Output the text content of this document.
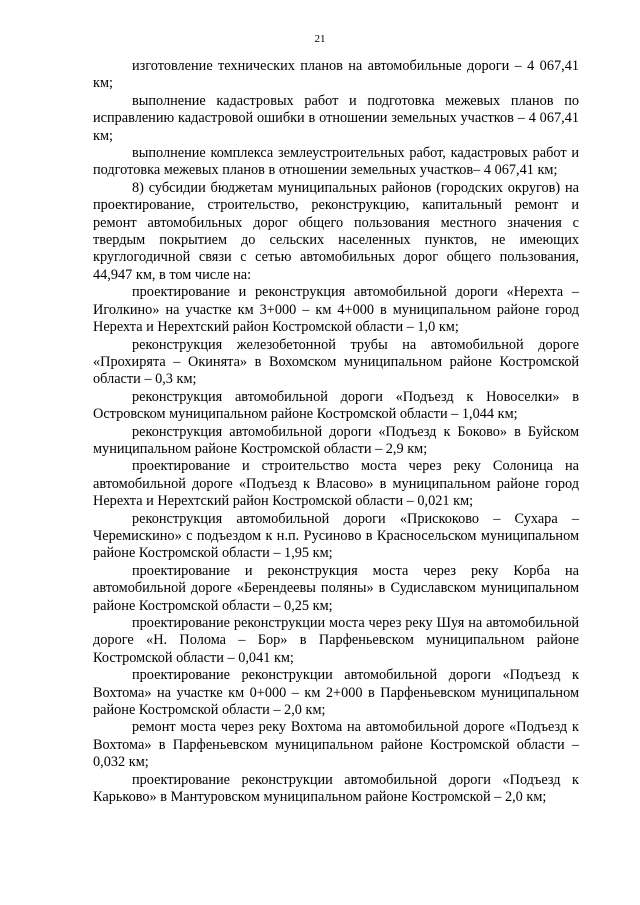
21

изготовление технических планов на автомобильные дороги – 4 067,41 км;

выполнение кадастровых работ и подготовка межевых планов по исправлению кадастровой ошибки в отношении земельных участков – 4 067,41 км;

выполнение комплекса землеустроительных работ, кадастровых работ и подготовка межевых планов в отношении земельных участков– 4 067,41 км;

8) субсидии бюджетам муниципальных районов (городских округов) на проектирование, строительство, реконструкцию, капитальный ремонт и ремонт автомобильных дорог общего пользования местного значения с твердым покрытием до сельских населенных пунктов, не имеющих круглогодичной связи с сетью автомобильных дорог общего пользования, 44,947 км, в том числе на:

проектирование и реконструкция автомобильной дороги «Нерехта – Иголкино» на участке км 3+000 – км 4+000 в муниципальном районе город Нерехта и Нерехтский район Костромской области – 1,0 км;

реконструкция железобетонной трубы на автомобильной дороге «Прохирята – Окинята» в Вохомском муниципальном районе Костромской области – 0,3 км;

реконструкция автомобильной дороги «Подъезд к Новоселки» в Островском муниципальном районе Костромской области – 1,044 км;

реконструкция автомобильной дороги «Подъезд к Боково» в Буйском муниципальном районе Костромской области – 2,9 км;

проектирование и строительство моста через реку Солоница на автомобильной дороге «Подъезд к Власово» в муниципальном районе город Нерехта и Нерехтский район Костромской области – 0,021 км;

реконструкция автомобильной дороги «Прискоково – Сухара – Черемискино» с подъездом к н.п. Русиново в Красносельском муниципальном районе Костромской области – 1,95 км;

проектирование и реконструкция моста через реку Корба на автомобильной дороге «Берендеевы поляны» в Судиславском муниципальном районе Костромской области – 0,25 км;

проектирование реконструкции моста через реку Шуя на автомобильной дороге «Н. Полома – Бор» в Парфеньевском муниципальном районе Костромской области – 0,041 км;

проектирование реконструкции автомобильной дороги «Подъезд к Вохтома» на участке км 0+000 – км 2+000 в Парфеньевском муниципальном районе Костромской области – 2,0 км;

ремонт моста через реку Вохтома на автомобильной дороге «Подъезд к Вохтома» в Парфеньевском муниципальном районе Костромской области – 0,032 км;

проектирование реконструкции автомобильной дороги «Подъезд к Карьково» в Мантуровском муниципальном районе Костромской – 2,0 км;
